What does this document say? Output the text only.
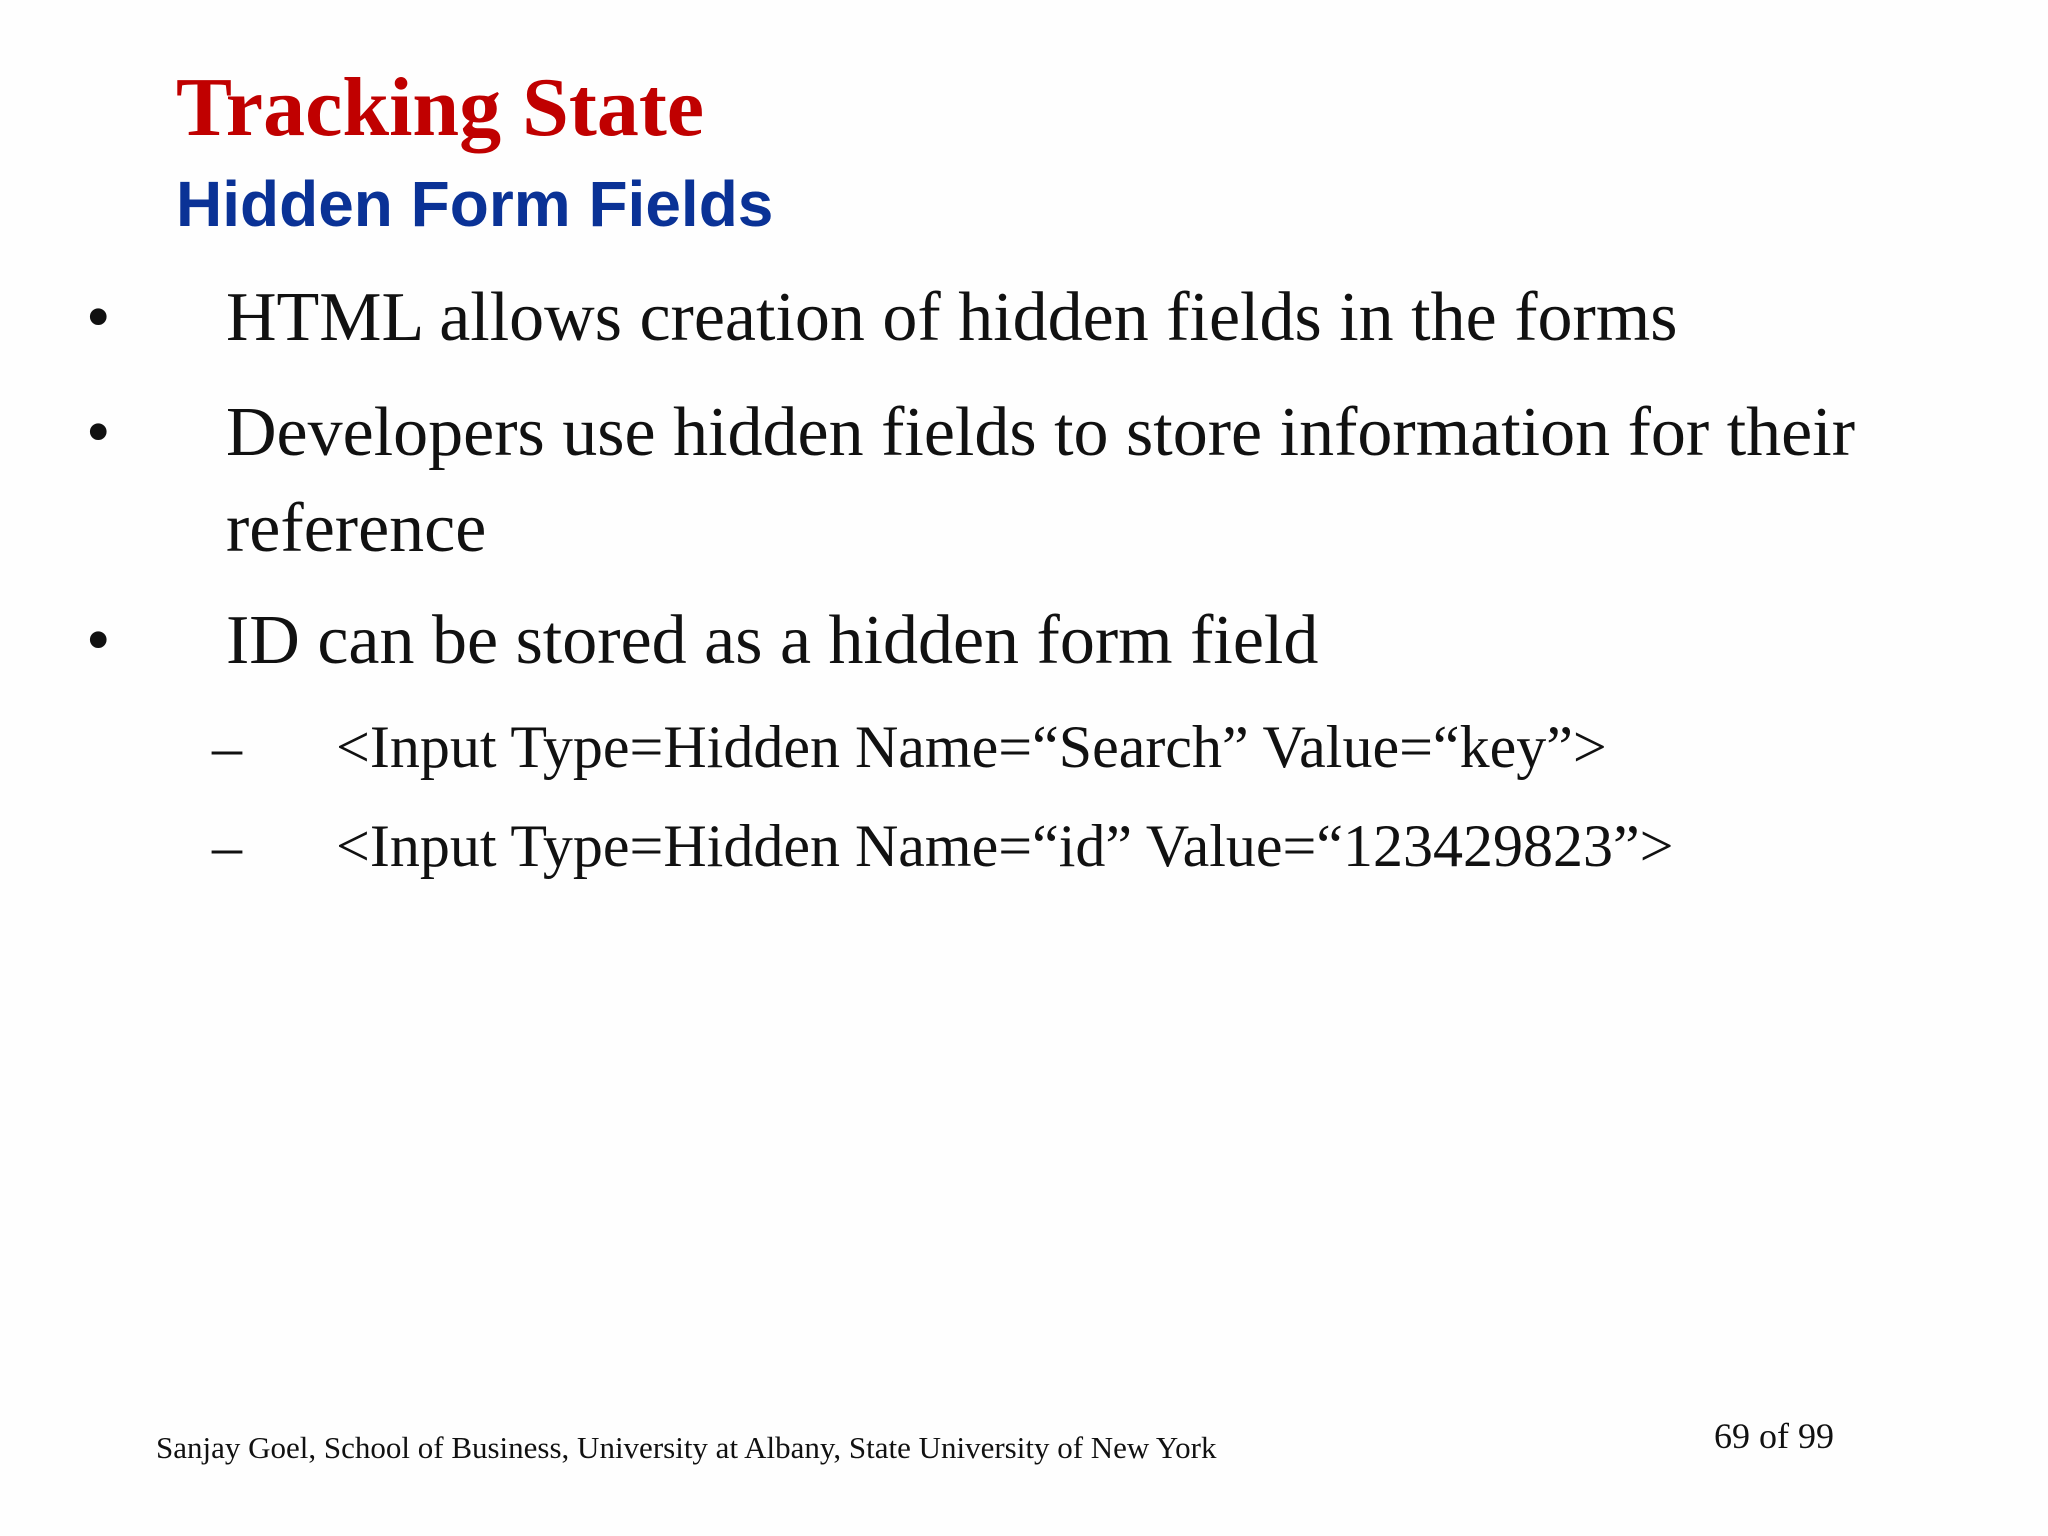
Tracking State
Hidden Form Fields
• HTML allows creation of hidden fields in the forms
• Developers use hidden fields to store information for their reference
• ID can be stored as a hidden form field
– <Input Type=Hidden Name=“Search” Value=“key”>
– <Input Type=Hidden Name=“id” Value=“123429823”>
Sanjay Goel, School of Business, University at Albany, State University of New York	69 of 99
